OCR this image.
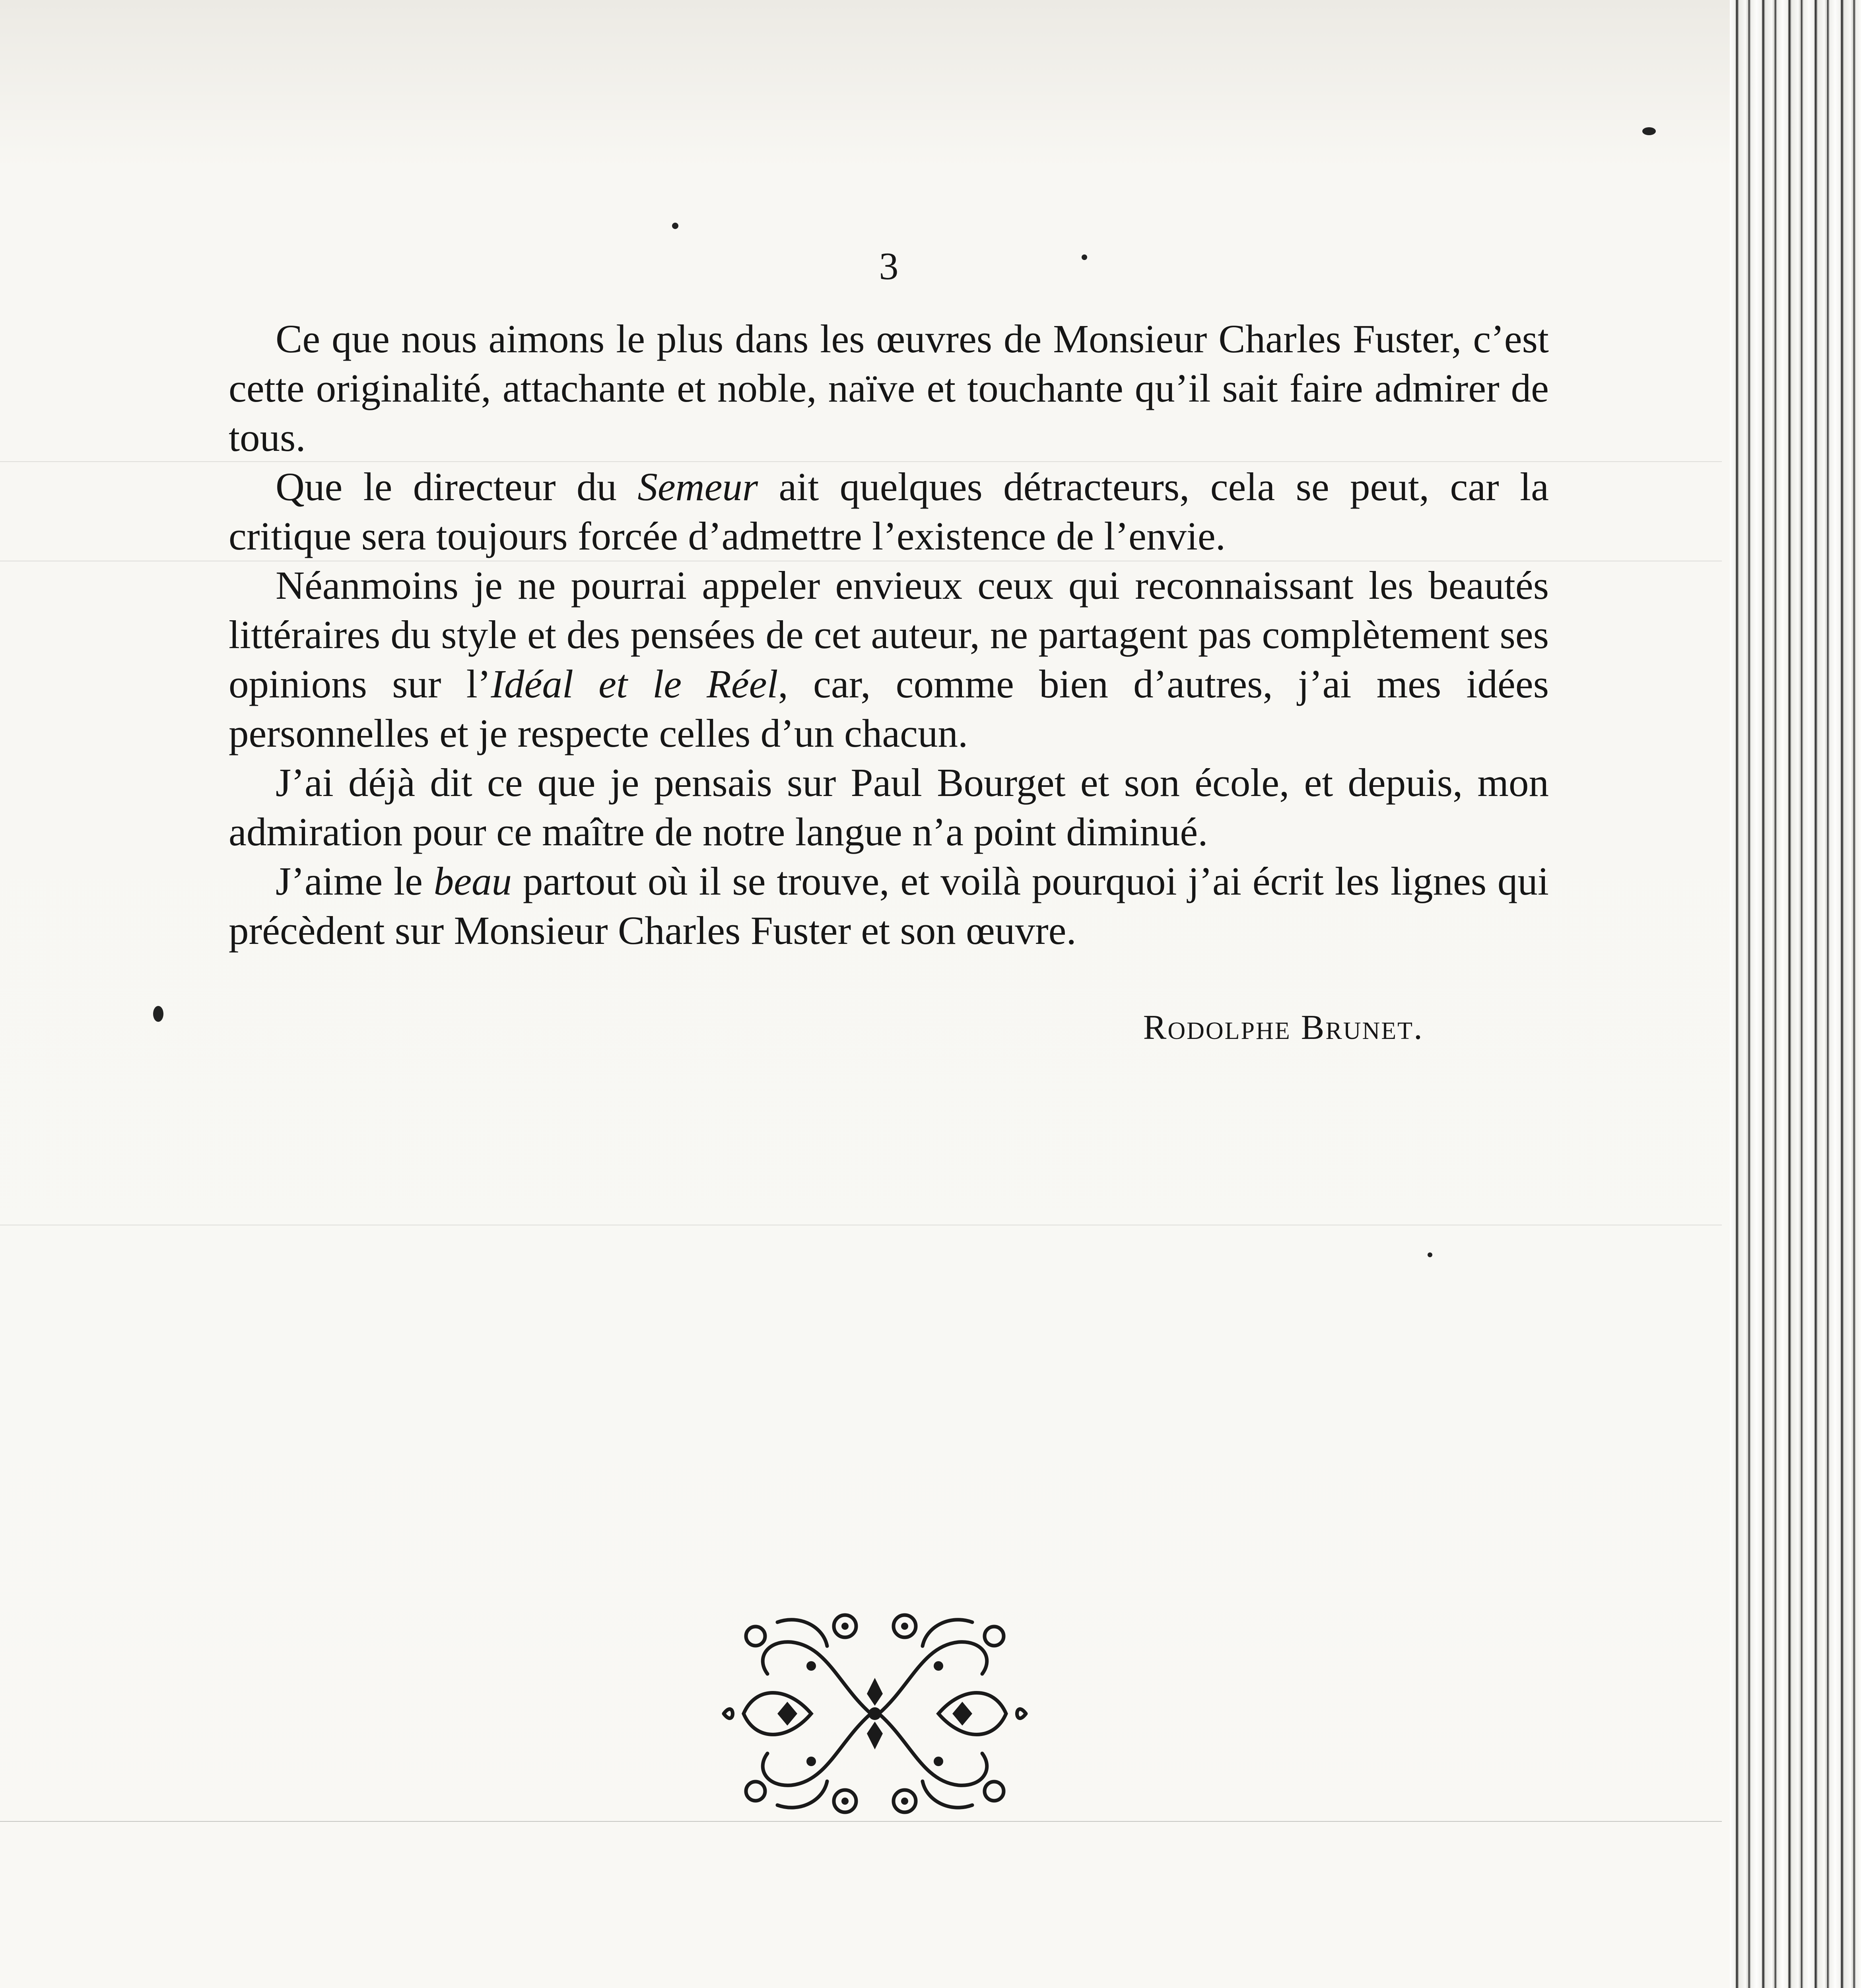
3

Ce que nous aimons le plus dans les œuvres de Monsieur Charles Fuster, c’est cette originalité, attachante et noble, naïve et touchante qu’il sait faire admirer de tous.

Que le directeur du Semeur ait quelques détracteurs, cela se peut, car la critique sera toujours forcée d’admettre l’existence de l’envie.

Néanmoins je ne pourrai appeler envieux ceux qui reconnaissant les beautés littéraires du style et des pensées de cet auteur, ne partagent pas complètement ses opinions sur l’Idéal et le Réel, car, comme bien d’autres, j’ai mes idées personnelles et je respecte celles d’un chacun.

J’ai déjà dit ce que je pensais sur Paul Bourget et son école, et depuis, mon admiration pour ce maître de notre langue n’a point diminué.

J’aime le beau partout où il se trouve, et voilà pourquoi j’ai écrit les lignes qui précèdent sur Monsieur Charles Fuster et son œuvre.

Rodolphe Brunet.
